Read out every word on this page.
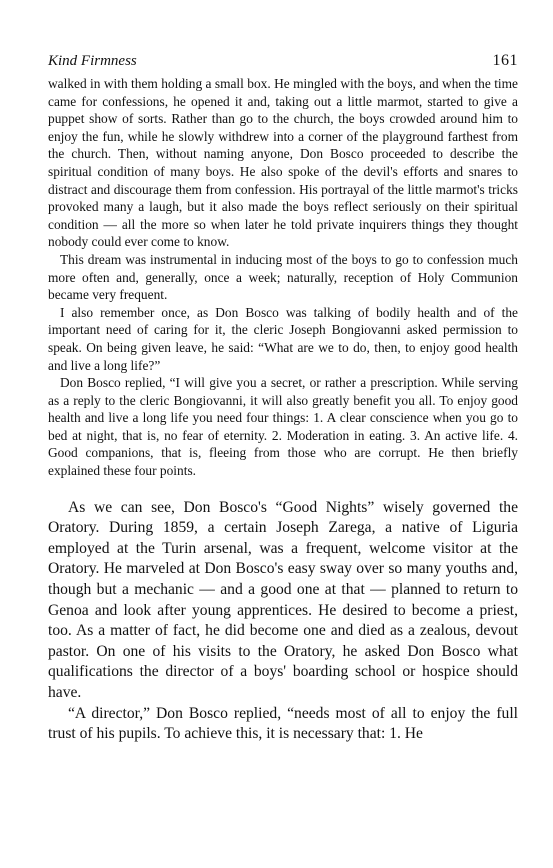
Kind Firmness	161

walked in with them holding a small box. He mingled with the boys, and when the time came for confessions, he opened it and, taking out a little marmot, started to give a puppet show of sorts. Rather than go to the church, the boys crowded around him to enjoy the fun, while he slowly withdrew into a corner of the playground farthest from the church. Then, without naming anyone, Don Bosco proceeded to describe the spiritual condition of many boys. He also spoke of the devil's efforts and snares to distract and discourage them from confession. His portrayal of the little marmot's tricks provoked many a laugh, but it also made the boys reflect seriously on their spiritual condition — all the more so when later he told private inquirers things they thought nobody could ever come to know.

This dream was instrumental in inducing most of the boys to go to confession much more often and, generally, once a week; naturally, reception of Holy Communion became very frequent.

I also remember once, as Don Bosco was talking of bodily health and of the important need of caring for it, the cleric Joseph Bongiovanni asked permission to speak. On being given leave, he said: “What are we to do, then, to enjoy good health and live a long life?”

Don Bosco replied, “I will give you a secret, or rather a prescription. While serving as a reply to the cleric Bongiovanni, it will also greatly benefit you all. To enjoy good health and live a long life you need four things: 1. A clear conscience when you go to bed at night, that is, no fear of eternity. 2. Moderation in eating. 3. An active life. 4. Good companions, that is, fleeing from those who are corrupt. He then briefly explained these four points.

As we can see, Don Bosco's “Good Nights” wisely governed the Oratory. During 1859, a certain Joseph Zarega, a native of Liguria employed at the Turin arsenal, was a frequent, welcome visitor at the Oratory. He marveled at Don Bosco's easy sway over so many youths and, though but a mechanic — and a good one at that — planned to return to Genoa and look after young apprentices. He desired to become a priest, too. As a matter of fact, he did become one and died as a zealous, devout pastor. On one of his visits to the Oratory, he asked Don Bosco what qualifications the director of a boys' boarding school or hospice should have.

“A director,” Don Bosco replied, “needs most of all to enjoy the full trust of his pupils. To achieve this, it is necessary that: 1. He
